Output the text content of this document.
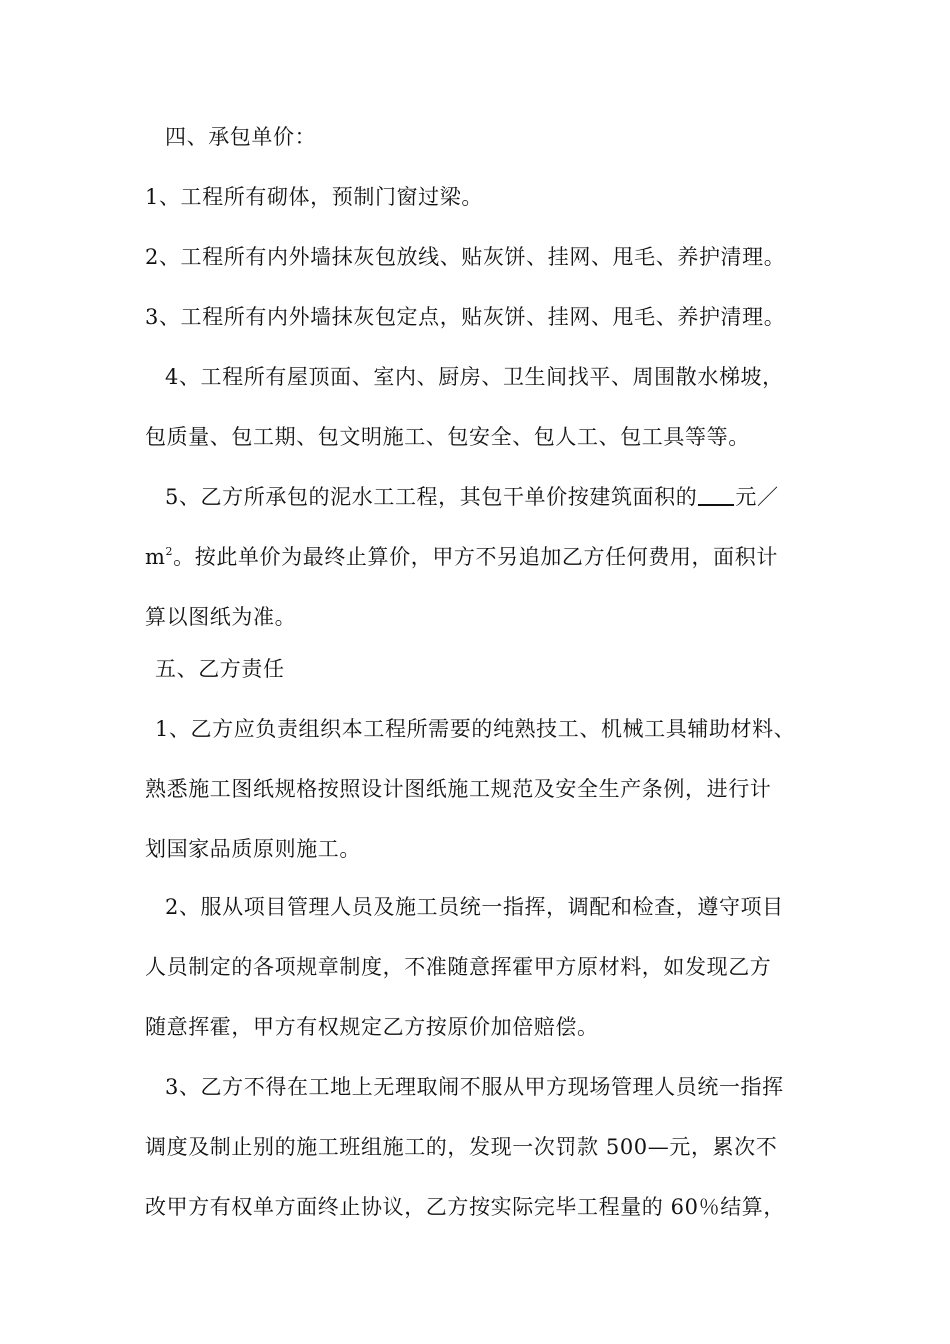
四、承包单价：
1、工程所有砌体，预制门窗过梁。
2、工程所有内外墙抹灰包放线、贴灰饼、挂网、甩毛、养护清理。
3、工程所有内外墙抹灰包定点，贴灰饼、挂网、甩毛、养护清理。
4、工程所有屋顶面、室内、厨房、卫生间找平、周围散水梯坡，
包质量、包工期、包文明施工、包安全、包人工、包工具等等。
5、乙方所承包的泥水工工程，其包干单价按建筑面积的 元／
$m^2$。按此单价为最终止算价，甲方不另追加乙方任何费用，面积计
算以图纸为准。
五、乙方责任
1、乙方应负责组织本工程所需要的纯熟技工、机械工具辅助材料、
熟悉施工图纸规格按照设计图纸施工规范及安全生产条例，进行计
划国家品质原则施工。
2、服从项目管理人员及施工员统一指挥，调配和检查，遵守项目
人员制定的各项规章制度，不准随意挥霍甲方原材料，如发现乙方
随意挥霍，甲方有权规定乙方按原价加倍赔偿。
3、乙方不得在工地上无理取闹不服从甲方现场管理人员统一指挥
调度及制止别的施工班组施工的，发现一次罚款 500—元，累次不
改甲方有权单方面终止协议，乙方按实际完毕工程量的 60％结算，
